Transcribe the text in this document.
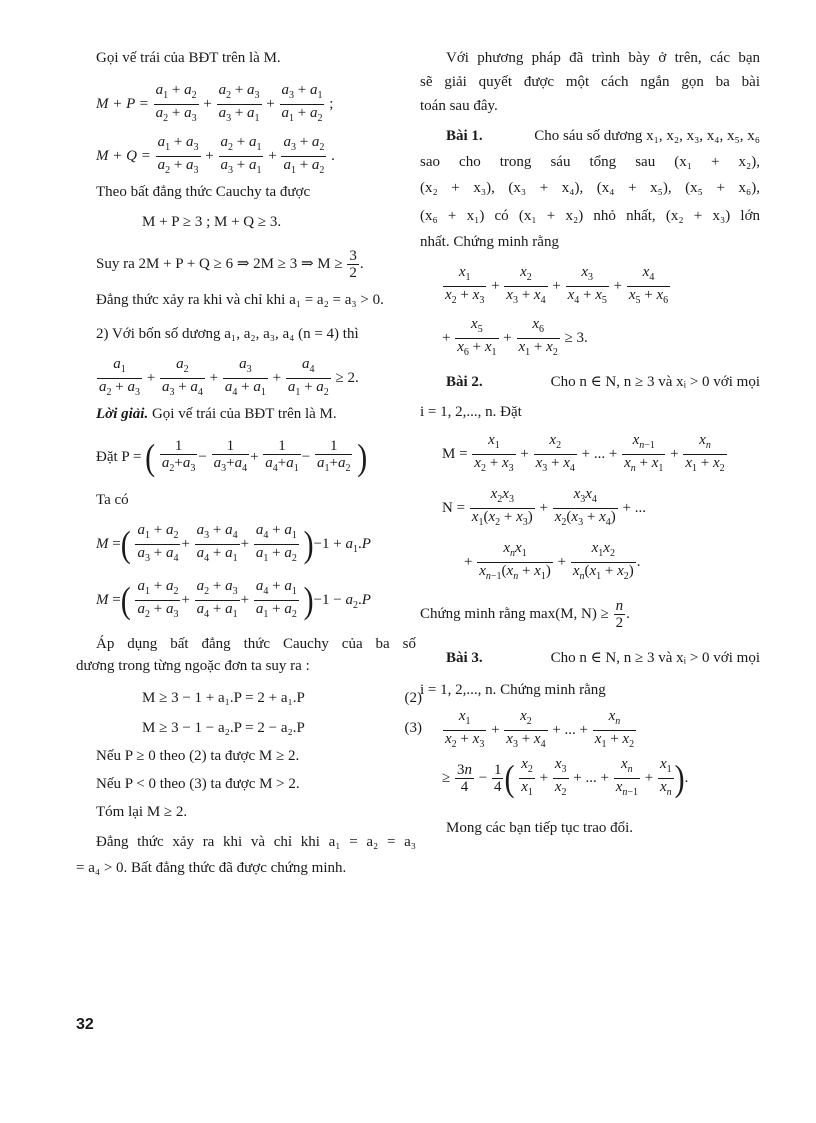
Gọi vế trái của BĐT trên là M.
$M + P = \frac{a_1 + a_2}{a_2 + a_3} + \frac{a_2 + a_3}{a_3 + a_1} + \frac{a_3 + a_1}{a_1 + a_2}$ ;
$M + Q = \frac{a_1 + a_3}{a_2 + a_3} + \frac{a_2 + a_1}{a_3 + a_1} + \frac{a_3 + a_2}{a_1 + a_2}$ .
Theo bất đẳng thức Cauchy ta được
M + P ≥ 3 ; M + Q ≥ 3.
Suy ra 2M + P + Q ≥ 6 ⇒ 2M ≥ 3 ⇒ $M \ge \frac{3}{2}$ .
Đẳng thức xảy ra khi và chỉ khi a₁ = a₂ = a₃ > 0.
2) Với bốn số dương a₁, a₂, a₃, a₄ (n = 4) thì
$\frac{a_1}{a_2 + a_3} + \frac{a_2}{a_3 + a_4} + \frac{a_3}{a_4 + a_1} + \frac{a_4}{a_1 + a_2} \ge 2$.
Lời giải. Gọi vế trái của BĐT trên là M.
Đặt P = ( $\frac{1}{a_2+a_3} - \frac{1}{a_3+a_4} + \frac{1}{a_4+a_1} - \frac{1}{a_1+a_2}$ )
Ta có
M =( $\frac{a_1 + a_2}{a_3 + a_4} + \frac{a_3 + a_4}{a_4 + a_1} + \frac{a_4 + a_1}{a_1 + a_2} )-1 + a_1.P$
M =( $\frac{a_1 + a_2}{a_2 + a_3} + \frac{a_2 + a_3}{a_4 + a_1} + \frac{a_4 + a_1}{a_1 + a_2} )-1 - a_2.P$
Áp dụng bất đẳng thức Cauchy của ba số
dương trong từng ngoặc đơn ta suy ra :
M ≥ 3 − 1 + a₁.P = 2 + a₁.P	(2)
M ≥ 3 − 1 − a₂.P = 2 − a₂.P	(3)
Nếu P ≥ 0 theo (2) ta được M ≥ 2.
Nếu P < 0 theo (3) ta được M > 2.
Tóm lại M ≥ 2.
Đẳng thức xảy ra khi và chỉ khi a₁ = a₂ = a₃
= a₄ > 0. Bất đẳng thức đã được chứng minh.
Với phương pháp đã trình bày ở trên, các bạn
sẽ giải quyết được một cách ngắn gọn ba bài
toán sau đây.
Bài 1.	Cho sáu số dương x₁, x₂, x₃, x₄, x₅, x₆
sao cho trong sáu tổng sau (x₁ + x₂),
(x₂ + x₃), (x₃ + x₄), (x₄ + x₅), (x₅ + x₆),
(x₆ + x₁) có (x₁ + x₂) nhỏ nhất, (x₂ + x₃) lớn
nhất. Chứng minh rằng
$\frac{x_1}{x_2 + x_3} + \frac{x_2}{x_3 + x_4} + \frac{x_3}{x_4 + x_5} + \frac{x_4}{x_5 + x_6}$
+ $\frac{x_5}{x_6 + x_1} + \frac{x_6}{x_1 + x_2} \ge 3$.
Bài 2.	Cho n ∈ N, n ≥ 3 và xᵢ > 0 với mọi
i = 1, 2,..., n. Đặt
$M = \frac{x_1}{x_2 + x_3} + \frac{x_2}{x_3 + x_4}$ + ... + $\frac{x_{n-1}}{x_n + x_1} + \frac{x_n}{x_1 + x_2}$
$N = \frac{x_2x_3}{x_1(x_2 + x_3)} + \frac{x_3x_4}{x_2(x_3 + x_4)}$ + ...
+
$x_nx_1$
$x_{n-1}(x_n + x_1)$
+ $\frac{x_1x_2}{x_n(x_1 + x_2)}$ .
Chứng minh rằng max(M, $N) \ge \frac{n}{2}$ .
Bài 3.	Cho n ∈ N, n ≥ 3 và xᵢ > 0 với mọi
i = 1, 2,..., n. Chứng minh rằng
$\frac{x_1}{x_2 + x_3} + \frac{x_2}{x_3 + x_4}$ + ... + $\frac{x_n}{x_1 + x_2}$
≥ $\frac{3n}{4} - \frac{1}{4}$ ( $\frac{x_2}{x_1} + \frac{x_3}{x_2}$ + ... + $\frac{x_n}{x_{n-1}} + \frac{x_1}{x_n}$ ).
Mong các bạn tiếp tục trao đổi.
32
